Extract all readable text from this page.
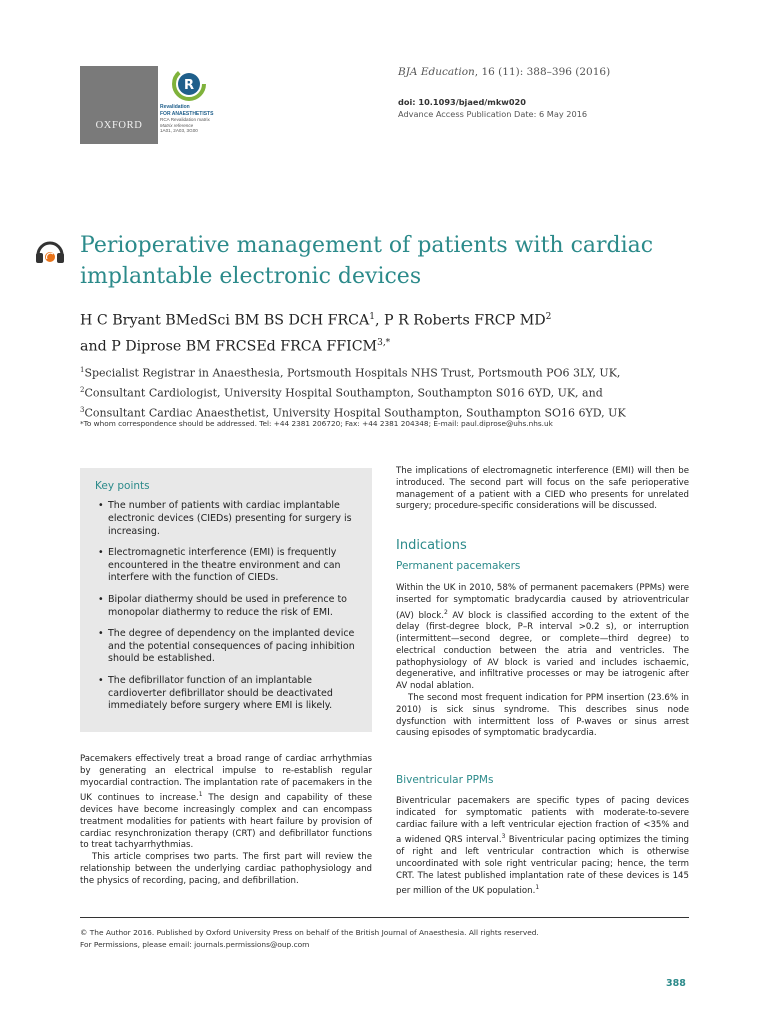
OXFORD
R
Revalidation
FOR ANAESTHETISTS
RCA Revalidation matrix
Matrix reference
1A01, 2A03, 3G00
BJA Education, 16 (11): 388–396 (2016)
doi: 10.1093/bjaed/mkw020
Advance Access Publication Date: 6 May 2016
Perioperative management of patients with cardiac implantable electronic devices
H C Bryant BMedSci BM BS DCH FRCA$^1$, P R Roberts FRCP $MD^2$
and P Diprose BM FRCSEd FRCA $FFICM^{3,*}$
$^1$Specialist Registrar in Anaesthesia, Portsmouth Hospitals NHS Trust, Portsmouth PO6 3LY, UK,
$^2$Consultant Cardiologist, University Hospital Southampton, Southampton S016 6YD, UK, and
$^3$Consultant Cardiac Anaesthetist, University Hospital Southampton, Southampton SO16 6YD, UK
*To whom correspondence should be addressed. Tel: +44 2381 206720; Fax: +44 2381 204348; E-mail: paul.diprose@uhs.nhs.uk
Key points
• The number of patients with cardiac implantable electronic devices (CIEDs) presenting for surgery is increasing.
• Electromagnetic interference (EMI) is frequently encountered in the theatre environment and can interfere with the function of CIEDs.
• Bipolar diathermy should be used in preference to monopolar diathermy to reduce the risk of EMI.
• The degree of dependency on the implanted device and the potential consequences of pacing inhibition should be established.
• The defibrillator function of an implantable cardioverter defibrillator should be deactivated immediately before surgery where EMI is likely.

Pacemakers effectively treat a broad range of cardiac arrhythmias by generating an electrical impulse to re-establish regular myocardial contraction. The implantation rate of pacemakers in the UK continues to increase.$^1$ The design and capability of these devices have become increasingly complex and can encompass treatment modalities for patients with heart failure by provision of cardiac resynchronization therapy (CRT) and defibrillator functions to treat tachyarrhythmias.

This article comprises two parts. The first part will review the relationship between the underlying cardiac pathophysiology and the physics of recording, pacing, and defibrillation.

The implications of electromagnetic interference (EMI) will then be introduced. The second part will focus on the safe perioperative management of a patient with a CIED who presents for unrelated surgery; procedure-specific considerations will be discussed.

Indications
Permanent pacemakers

Within the UK in 2010, 58% of permanent pacemakers (PPMs) were inserted for symptomatic bradycardia caused by atrioventricular (AV) block.$^2$ AV block is classified according to the extent of the delay (first-degree block, P–R interval >0.2 s), or interruption (intermittent—second degree, or complete—third degree) to electrical conduction between the atria and ventricles. The pathophysiology of AV block is varied and includes ischaemic, degenerative, and infiltrative processes or may be iatrogenic after AV nodal ablation.

The second most frequent indication for PPM insertion (23.6% in 2010) is sick sinus syndrome. This describes sinus node dysfunction with intermittent loss of P-waves or sinus arrest causing episodes of symptomatic bradycardia.

Biventricular PPMs

Biventricular pacemakers are specific types of pacing devices indicated for symptomatic patients with moderate-to-severe cardiac failure with a left ventricular ejection fraction of <35% and a widened QRS interval.$^3$ Biventricular pacing optimizes the timing of right and left ventricular contraction which is otherwise uncoordinated with sole right ventricular pacing; hence, the term CRT. The latest published implantation rate of these devices is 145 per million of the UK population.$^1$

© The Author 2016. Published by Oxford University Press on behalf of the British Journal of Anaesthesia. All rights reserved.
For Permissions, please email: journals.permissions@oup.com
388
